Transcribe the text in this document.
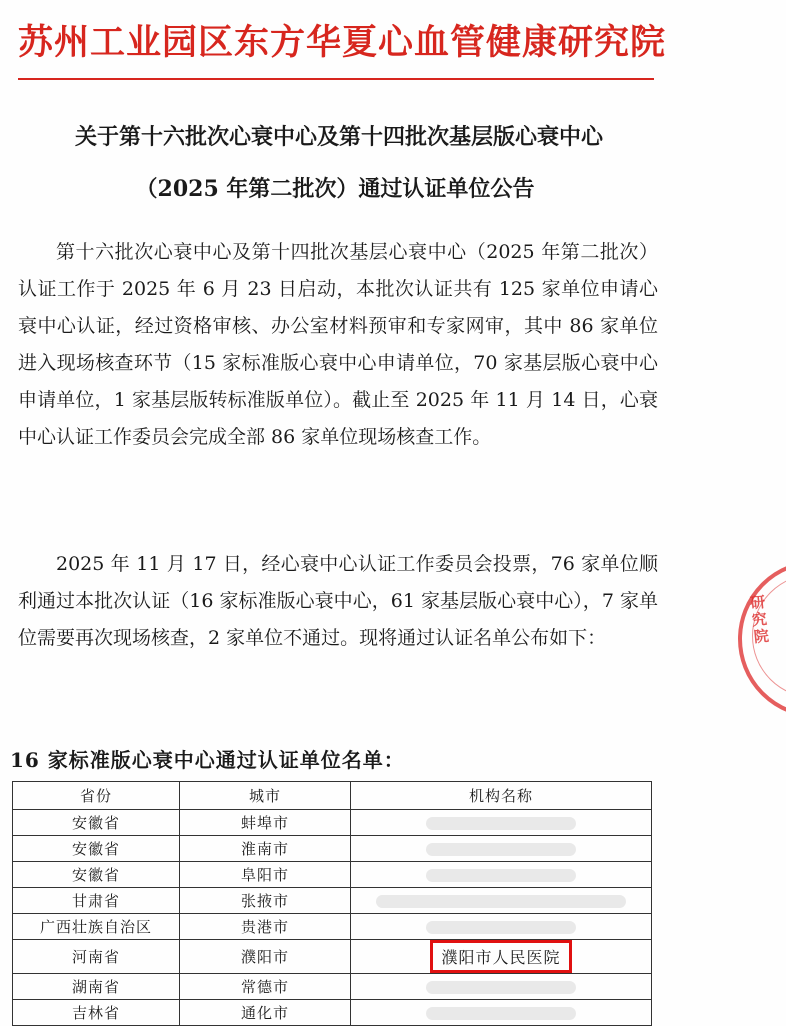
苏州工业园区东方华夏心血管健康研究院
关于第十六批次心衰中心及第十四批次基层版心衰中心
（2025 年第二批次）通过认证单位公告

第十六批次心衰中心及第十四批次基层心衰中心（2025 年第二批次）认证工作于 2025 年 6 月 23 日启动，本批次认证共有 125 家单位申请心衰中心认证，经过资格审核、办公室材料预审和专家网审，其中 86 家单位进入现场核查环节（15 家标准版心衰中心申请单位，70 家基层版心衰中心申请单位，1 家基层版转标准版单位）。截止至 2025 年 11 月 14 日，心衰中心认证工作委员会完成全部 86 家单位现场核查工作。

2025 年 11 月 17 日，经心衰中心认证工作委员会投票，76 家单位顺利通过本批次认证（16 家标准版心衰中心，61 家基层版心衰中心），7 家单位需要再次现场核查，2 家单位不通过。现将通过认证名单公布如下：

16 家标准版心衰中心通过认证单位名单：
省份	城市	机构名称
安徽省	蚌埠市	
安徽省	淮南市	
安徽省	阜阳市	
甘肃省	张掖市	
广西壮族自治区	贵港市	
河南省	濮阳市	濮阳市人民医院
湖南省	常德市	
吉林省	通化市	
研究院
